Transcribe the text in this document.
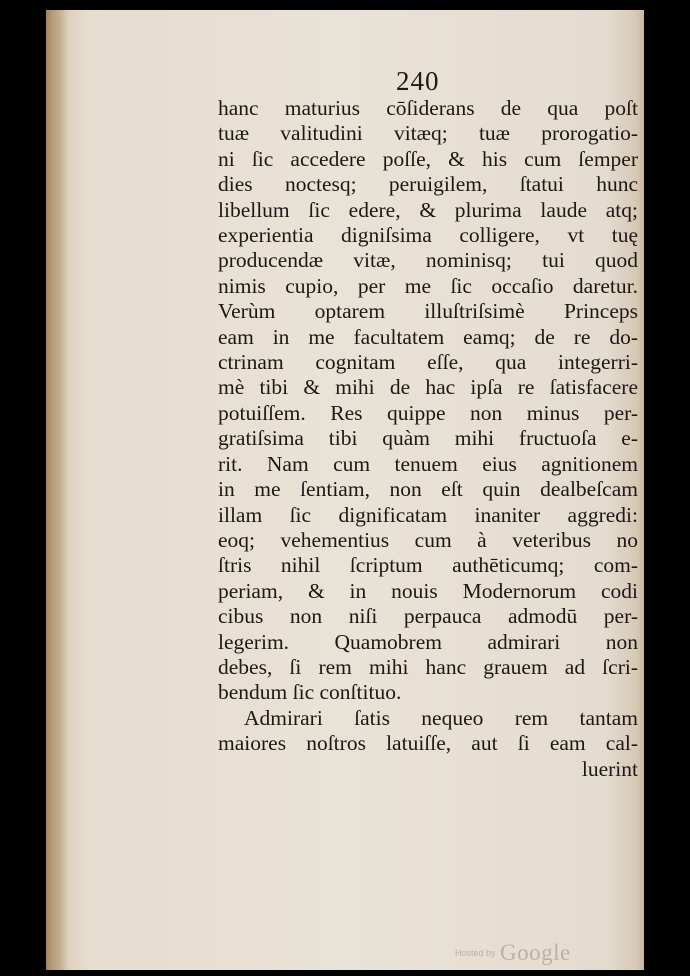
240
hanc maturius cōſiderans de qua poſt
tuæ valitudini vitæq; tuæ prorogatio-
ni ſic accedere poſſe, & his cum ſemper
dies noctesq; peruigilem, ſtatui hunc
libellum ſic edere, & plurima laude atq;
experientia digniſsima colligere, vt tuę
producendæ vitæ, nominisq; tui quod
nimis cupio, per me ſic occaſio daretur.
Verùm optarem illuſtriſsimè Princeps
eam in me facultatem eamq; de re do-
ctrinam cognitam eſſe, qua integerri-
mè tibi & mihi de hac ipſa re ſatisfacere
potuiſſem. Res quippe non minus per-
gratiſsima tibi quàm mihi fructuoſa e-
rit. Nam cum tenuem eius agnitionem
in me ſentiam, non eſt quin dealbeſcam
illam ſic dignificatam inaniter aggredi:
eoq; vehementius cum à veteribus no
ſtris nihil ſcriptum authēticumq; com-
periam, & in nouis Modernorum codi
cibus non niſi perpauca admodū per-
legerim. Quamobrem admirari non
debes, ſi rem mihi hanc grauem ad ſcri-
bendum ſic conſtituo.
Admirari ſatis nequeo rem tantam
maiores noſtros latuiſſe, aut ſi eam cal-
luerint
Hosted by Google
